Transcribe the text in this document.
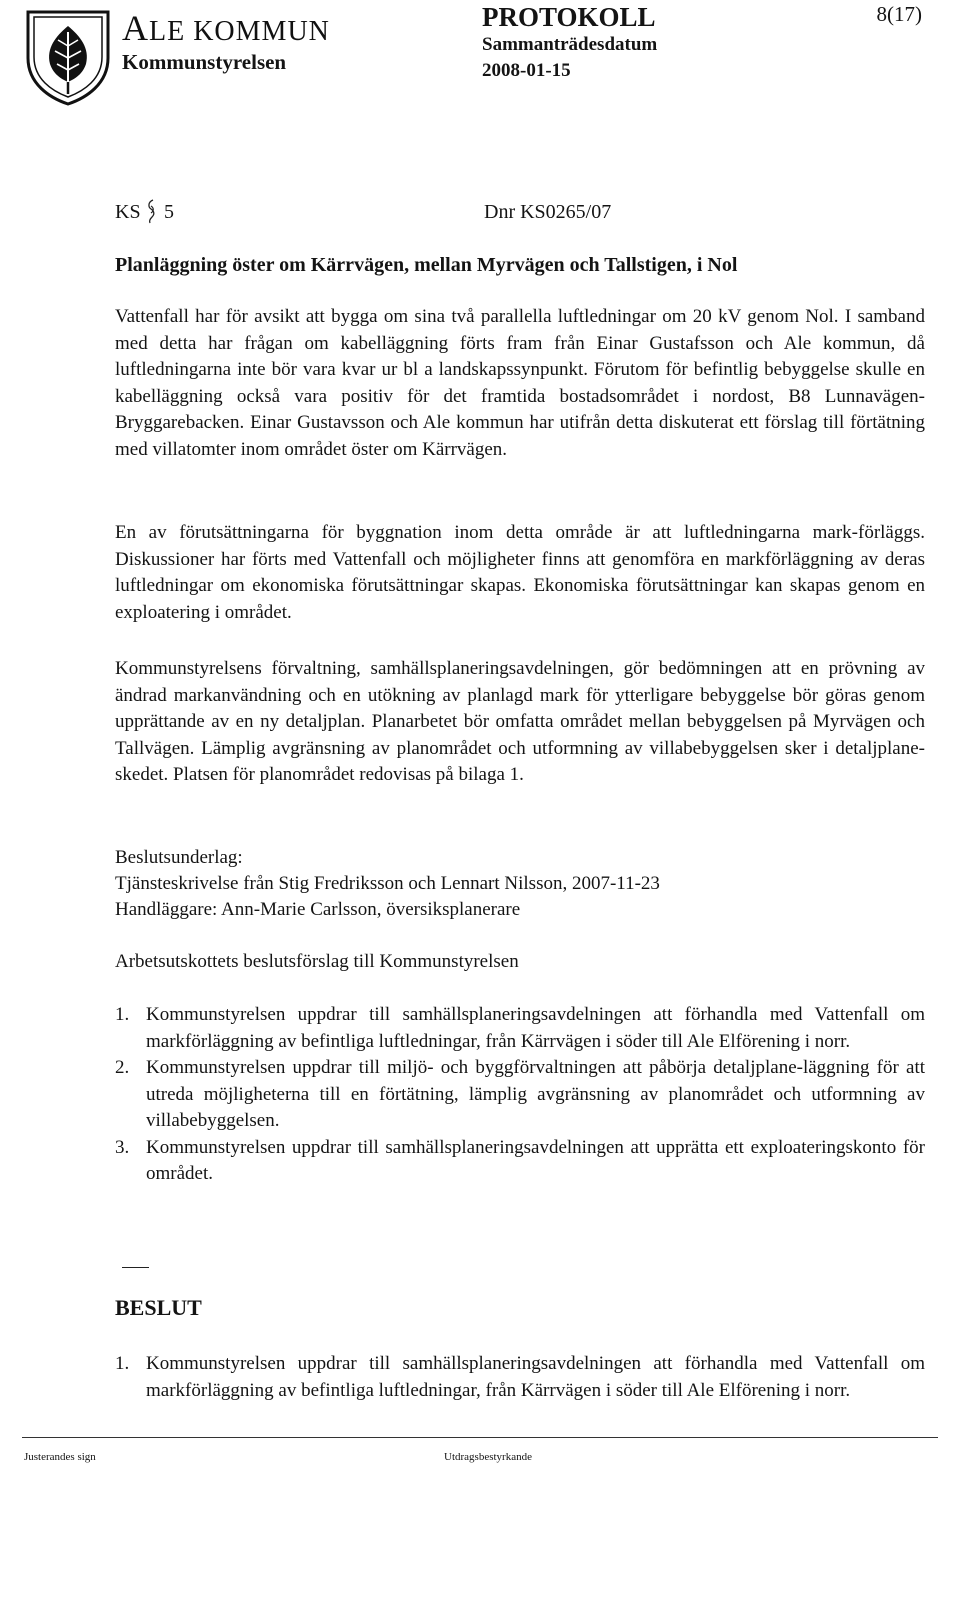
ALE KOMMUN
Kommunstyrelsen
PROTOKOLL
Sammanträdesdatum
2008-01-15
8(17)
KS 5	Dnr KS0265/07
Planläggning öster om Kärrvägen, mellan Myrvägen och Tallstigen, i Nol
Vattenfall har för avsikt att bygga om sina två parallella luftledningar om 20 kV genom Nol. I samband med detta har frågan om kabelläggning förts fram från Einar Gustafsson och Ale kommun, då luftledningarna inte bör vara kvar ur bl a landskapssynpunkt. Förutom för befintlig bebyggelse skulle en kabelläggning också vara positiv för det framtida bostadsområdet i nordost, B8 Lunnavägen-Bryggarebacken. Einar Gustavsson och Ale kommun har utifrån detta diskuterat ett förslag till förtätning med villatomter inom området öster om Kärrvägen.
En av förutsättningarna för byggnation inom detta område är att luftledningarna mark-förläggs. Diskussioner har förts med Vattenfall och möjligheter finns att genomföra en markförläggning av deras luftledningar om ekonomiska förutsättningar skapas. Ekonomiska förutsättningar kan skapas genom en exploatering i området.
Kommunstyrelsens förvaltning, samhällsplaneringsavdelningen, gör bedömningen att en prövning av ändrad markanvändning och en utökning av planlagd mark för ytterligare bebyggelse bör göras genom upprättande av en ny detaljplan. Planarbetet bör omfatta området mellan bebyggelsen på Myrvägen och Tallvägen. Lämplig avgränsning av planområdet och utformning av villabebyggelsen sker i detaljplane-skedet. Platsen för planområdet redovisas på bilaga 1.
Beslutsunderlag:
Tjänsteskrivelse från Stig Fredriksson och Lennart Nilsson, 2007-11-23
Handläggare: Ann-Marie Carlsson, översiksplanerare
Arbetsutskottets beslutsförslag till Kommunstyrelsen
1. Kommunstyrelsen uppdrar till samhällsplaneringsavdelningen att förhandla med Vattenfall om markförläggning av befintliga luftledningar, från Kärrvägen i söder till Ale Elförening i norr.
2. Kommunstyrelsen uppdrar till miljö- och byggförvaltningen att påbörja detaljplane-läggning för att utreda möjligheterna till en förtätning, lämplig avgränsning av planområdet och utformning av villabebyggelsen.
3. Kommunstyrelsen uppdrar till samhällsplaneringsavdelningen att upprätta ett exploateringskonto för området.
BESLUT
1. Kommunstyrelsen uppdrar till samhällsplaneringsavdelningen att förhandla med Vattenfall om markförläggning av befintliga luftledningar, från Kärrvägen i söder till Ale Elförening i norr.
Justerandes sign	Utdragsbestyrkande
